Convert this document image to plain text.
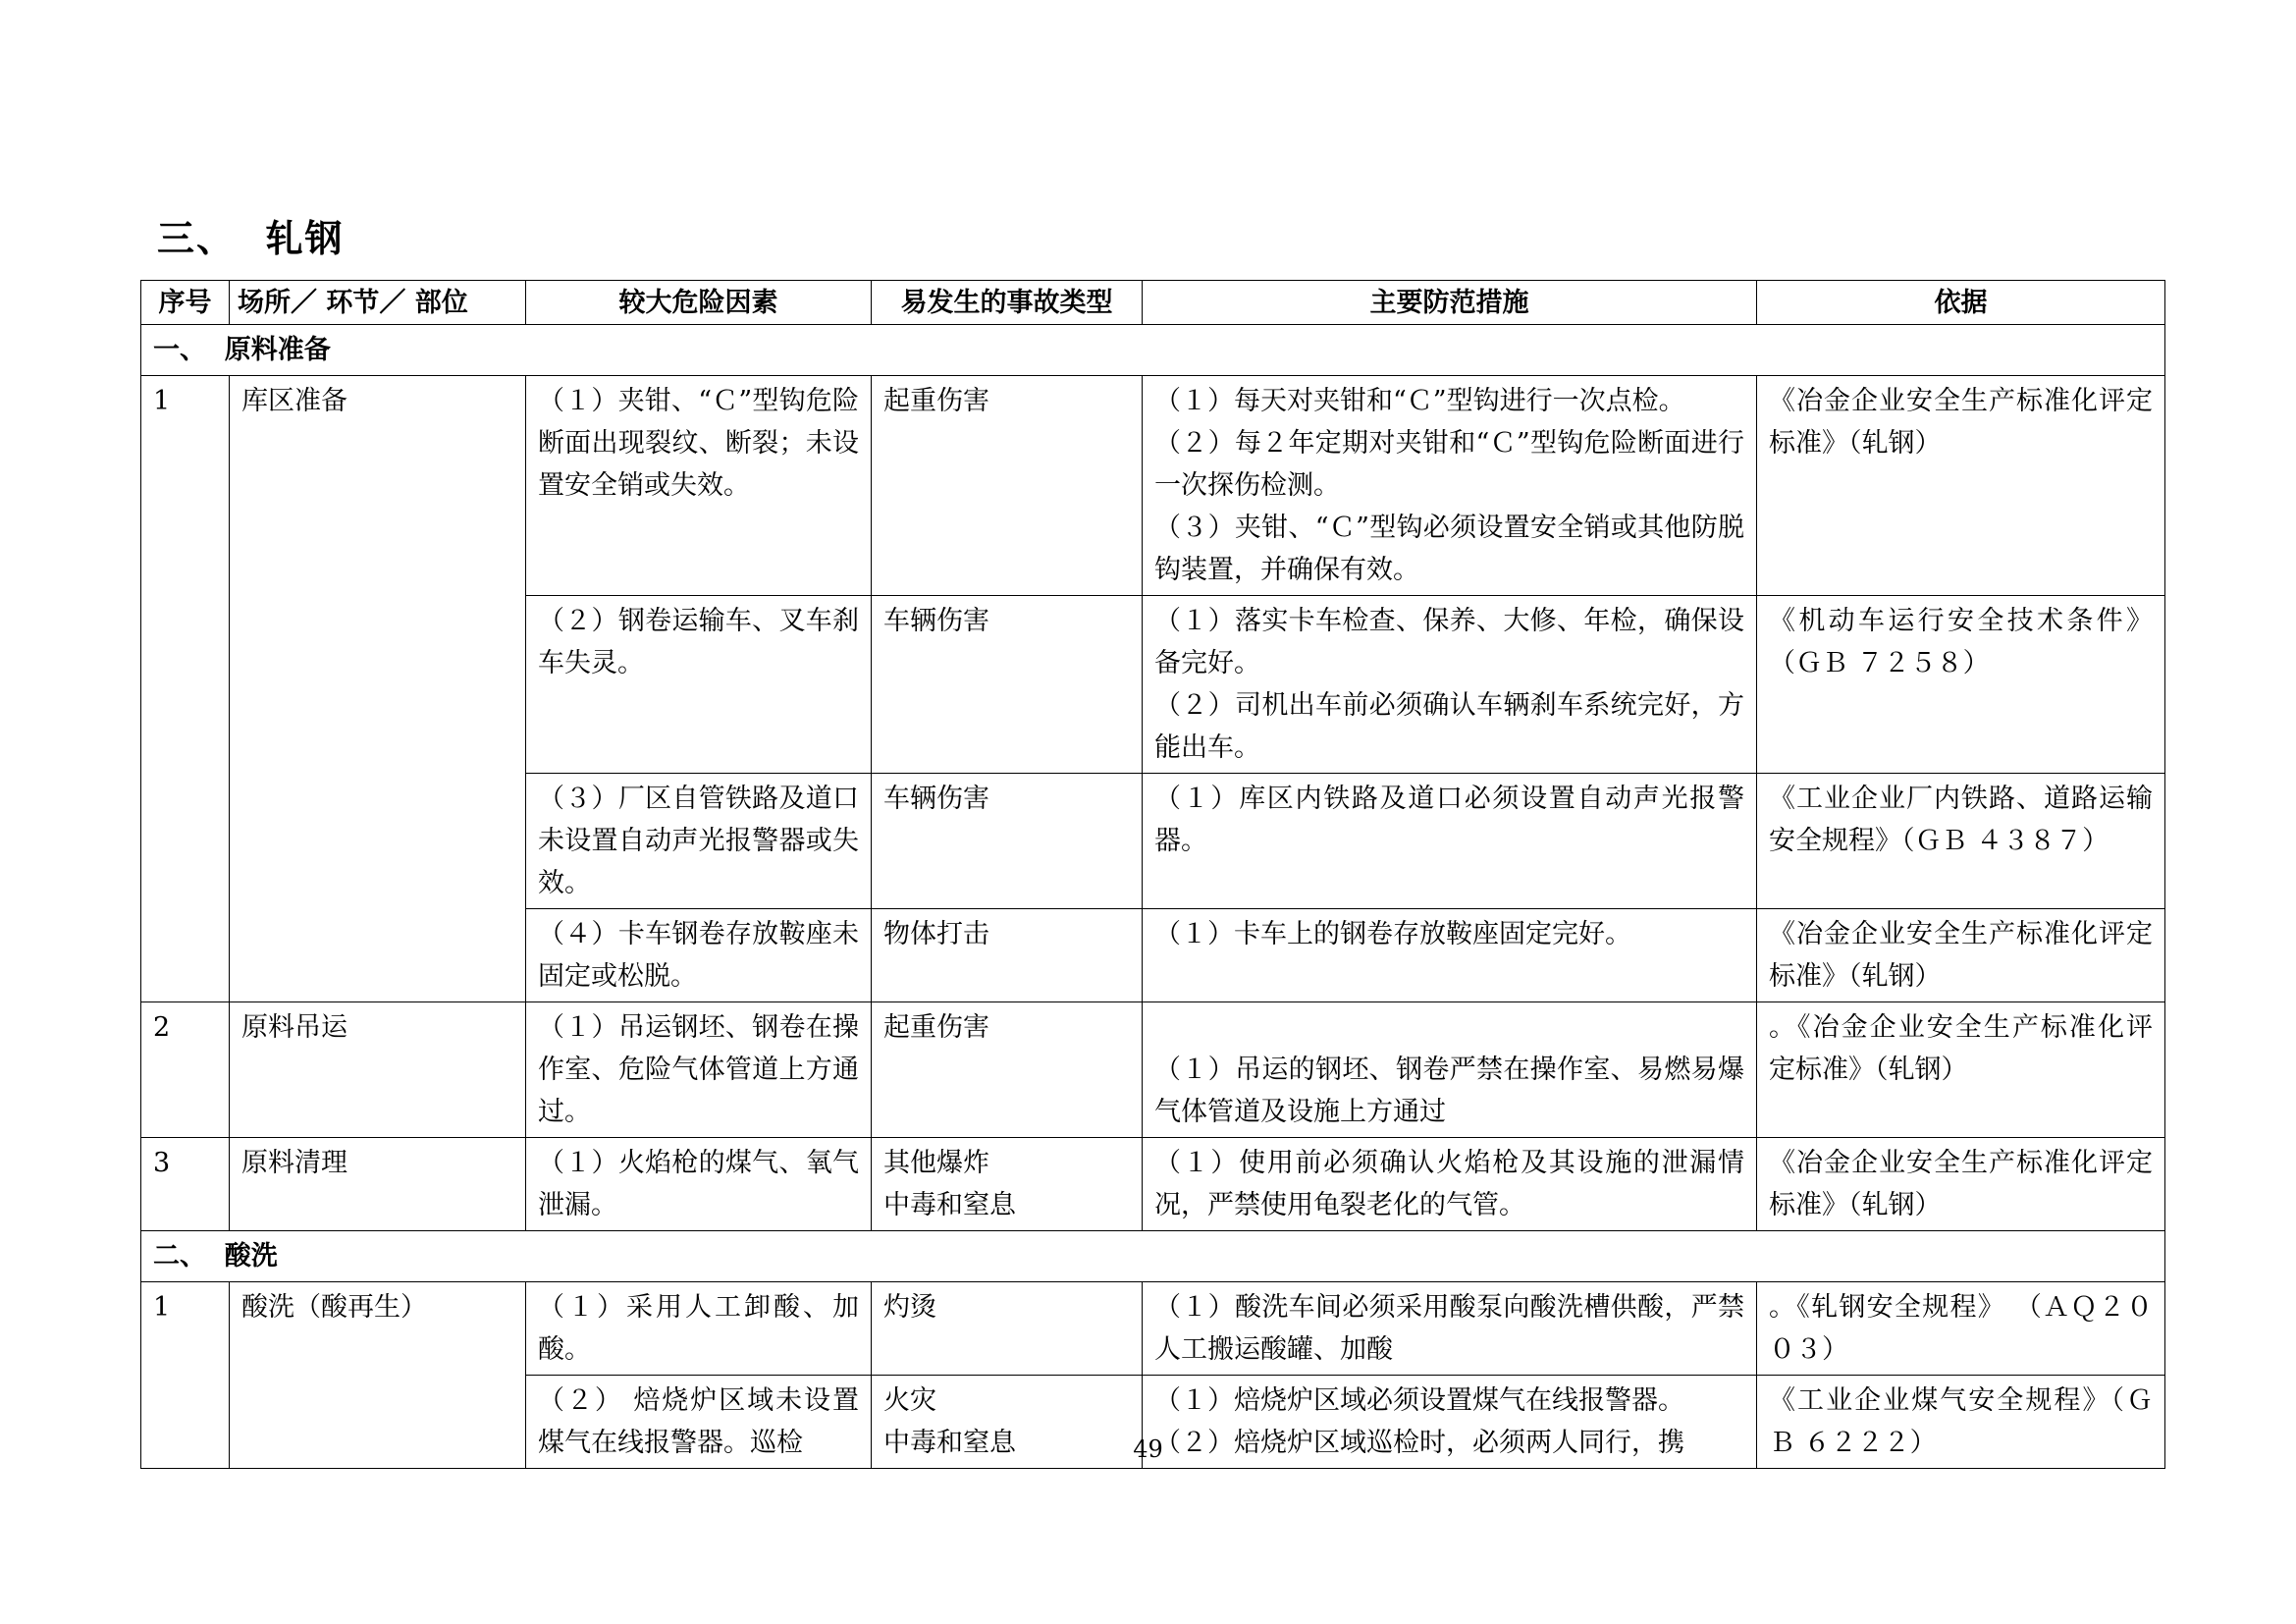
三、  轧钢
序号	场所／ 环节／ 部位	较大危险因素	易发生的事故类型	主要防范措施	依据
一、  原料准备					
1	库区准备	（１）夹钳、“Ｃ”型钩危险断面出现裂纹、断裂；未设置安全销或失效。	起重伤害	（１）每天对夹钳和“Ｃ”型钩进行一次点检。
（２）每２年定期对夹钳和“Ｃ”型钩危险断面进行一次探伤检测。
（３）夹钳、“Ｃ”型钩必须设置安全销或其他防脱钩装置，并确保有效。	《冶金企业安全生产标准化评定标准》（轧钢）
		（２）钢卷运输车、叉车刹车失灵。	车辆伤害	（１）落实卡车检查、保养、大修、年检，确保设备完好。
（２）司机出车前必须确认车辆刹车系统完好，方能出车。	《机动车运行安全技术条件》（ＧＢ ７２５８）
		（３）厂区自管铁路及道口未设置自动声光报警器或失效。	车辆伤害	（１）库区内铁路及道口必须设置自动声光报警器。	《工业企业厂内铁路、道路运输安全规程》（ＧＢ ４３８７）
		（４）卡车钢卷存放鞍座未固定或松脱。	物体打击	（１）卡车上的钢卷存放鞍座固定完好。	《冶金企业安全生产标准化评定标准》（轧钢）
2	原料吊运	（１）吊运钢坯、钢卷在操作室、危险气体管道上方通过。	起重伤害	（１）吊运的钢坯、钢卷严禁在操作室、易燃易爆气体管道及设施上方通过	。《冶金企业安全生产标准化评定标准》（轧钢）
3	原料清理	（１）火焰枪的煤气、氧气泄漏。	其他爆炸
中毒和窒息	（１）使用前必须确认火焰枪及其设施的泄漏情况，严禁使用龟裂老化的气管。	《冶金企业安全生产标准化评定标准》（轧钢）
二、  酸洗					
1	酸洗（酸再生）	（１）采用人工卸酸、加酸。	灼烫	（１）酸洗车间必须采用酸泵向酸洗槽供酸，严禁人工搬运酸罐、加酸	。《轧钢安全规程》 （ＡＱ２００３）
		（２） 焙烧炉区域未设置煤气在线报警器。巡检	火灾
中毒和窒息	（１）焙烧炉区域必须设置煤气在线报警器。
（２）焙烧炉区域巡检时，必须两人同行，携	《工业企业煤气安全规程》（ＧＢ ６２２２）
49
